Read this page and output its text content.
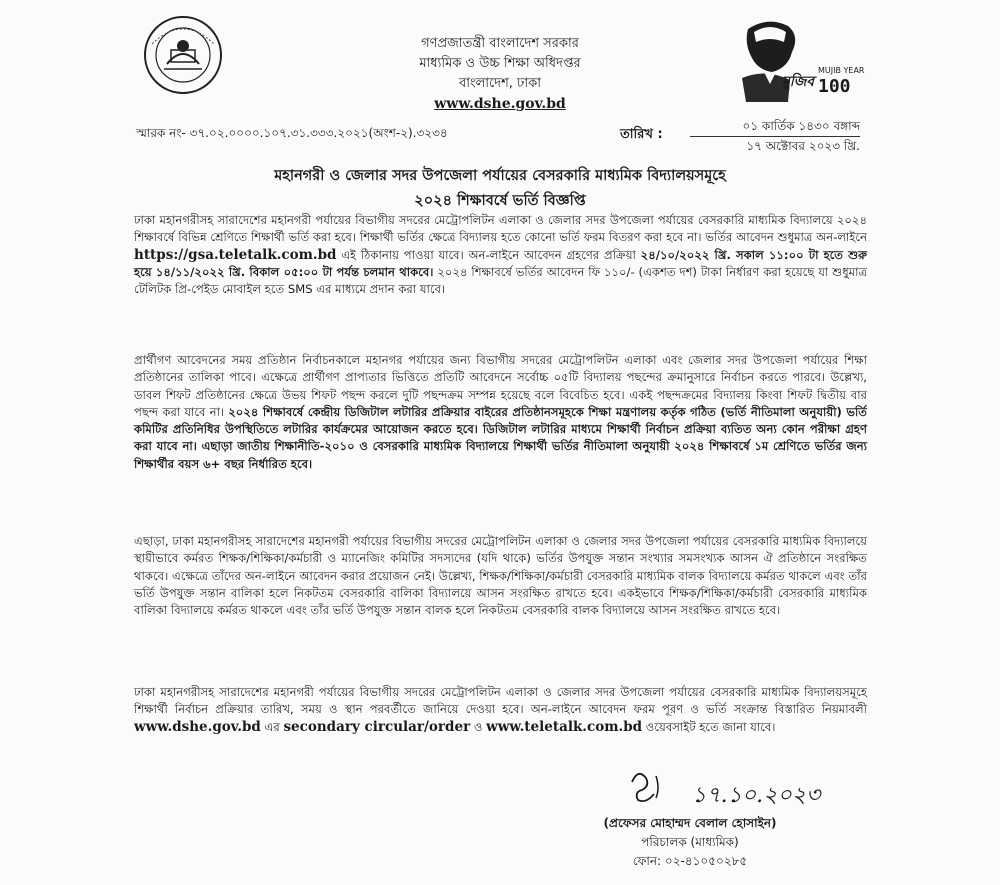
গণপ্রজাতন্ত্রী বাংলাদেশ সরকার
মাধ্যমিক ও উচ্চ শিক্ষা অধিদপ্তর
বাংলাদেশ, ঢাকা
www.dshe.gov.bd
মুজিব
MUJIB YEAR
100
স্মারক নং- ৩৭.০২.০০০০.১০৭.৩১.৩৩৩.২০২১(অংশ-২).৩২৩৪	তারিখ :
০১ কার্তিক ১৪৩০ বঙ্গাব্দ
১৭ অক্টোবর ২০২৩ খ্রি.
মহানগরী ও জেলার সদর উপজেলা পর্যায়ের বেসরকারি মাধ্যমিক বিদ্যালয়সমূহে
২০২৪ শিক্ষাবর্ষে ভর্তি বিজ্ঞপ্তি
ঢাকা মহানগরীসহ সারাদেশের মহানগরী পর্যায়ের বিভাগীয় সদরের মেট্রোপলিটন এলাকা ও জেলার সদর উপজেলা পর্যায়ের বেসরকারি মাধ্যমিক বিদ্যালয়ে ২০২৪ শিক্ষাবর্ষে বিভিন্ন শ্রেণিতে শিক্ষার্থী ভর্তি করা হবে। শিক্ষার্থী ভর্তির ক্ষেত্রে বিদ্যালয় হতে কোনো ভর্তি ফরম বিতরণ করা হবে না। ভর্তির আবেদন শুধুমাত্র অন-লাইনে https://gsa.teletalk.com.bd এই ঠিকানায় পাওয়া যাবে। অন-লাইনে আবেদন গ্রহণের প্রক্রিয়া ২৪/১০/২০২২ খ্রি. সকাল ১১:০০ টা হতে শুরু হয়ে ১৪/১১/২০২২ খ্রি. বিকাল ০৫:০০ টা পর্যন্ত চলমান থাকবে। ২০২৪ শিক্ষাবর্ষে ভর্তির আবেদন ফি ১১০/- (একশত দশ) টাকা নির্ধারণ করা হয়েছে যা শুধুমাত্র টেলিটক প্রি-পেইড মোবাইল হতে SMS এর মাধ্যমে প্রদান করা যাবে।
প্রার্থীগণ আবেদনের সময় প্রতিষ্ঠান নির্বাচনকালে মহানগর পর্যায়ের জন্য বিভাগীয় সদরের মেট্রোপলিটন এলাকা এবং জেলার সদর উপজেলা পর্যায়ের শিক্ষা প্রতিষ্ঠানের তালিকা পাবে। এক্ষেত্রে প্রার্থীগণ প্রাপ্যতার ভিত্তিতে প্রতিটি আবেদনে সর্বোচ্চ ০৫টি বিদ্যালয় পছন্দের ক্রমানুসারে নির্বাচন করতে পারবে। উল্লেখ্য, ডাবল শিফট প্রতিষ্ঠানের ক্ষেত্রে উভয় শিফট পছন্দ করলে দুটি পছন্দক্রম সম্পন্ন হয়েছে বলে বিবেচিত হবে। একই পছন্দক্রমের বিদ্যালয় কিংবা শিফট দ্বিতীয় বার পছন্দ করা যাবে না। ২০২৪ শিক্ষাবর্ষে কেন্দ্রীয় ডিজিটাল লটারির প্রক্রিয়ার বাইরের প্রতিষ্ঠানসমূহকে শিক্ষা মন্ত্রণালয় কর্তৃক গঠিত (ভর্তি নীতিমালা অনুযায়ী) ভর্তি কমিটির প্রতিনিধির উপস্থিতিতে লটারির কার্যক্রমের আয়োজন করতে হবে। ডিজিটাল লটারির মাধ্যমে শিক্ষার্থী নির্বাচন প্রক্রিয়া ব্যতিত অন্য কোন পরীক্ষা গ্রহণ করা যাবে না। এছাড়া জাতীয় শিক্ষানীতি-২০১০ ও বেসরকারি মাধ্যমিক বিদ্যালয়ে শিক্ষার্থী ভর্তির নীতিমালা অনুযায়ী ২০২৪ শিক্ষাবর্ষে ১ম শ্রেণিতে ভর্তির জন্য শিক্ষার্থীর বয়স ৬+ বছর নির্ধারিত হবে।
এছাড়া, ঢাকা মহানগরীসহ সারাদেশের মহানগরী পর্যায়ের বিভাগীয় সদরের মেট্রোপলিটন এলাকা ও জেলার সদর উপজেলা পর্যায়ের বেসরকারি মাধ্যমিক বিদ্যালয়ে স্থায়ীভাবে কর্মরত শিক্ষক/শিক্ষিকা/কর্মচারী ও ম্যানেজিং কমিটির সদস্যদের (যদি থাকে) ভর্তির উপযুক্ত সন্তান সংখ্যার সমসংখ্যক আসন ঐ প্রতিষ্ঠানে সংরক্ষিত থাকবে। এক্ষেত্রে তাঁদের অন-লাইনে আবেদন করার প্রয়োজন নেই। উল্লেখ্য, শিক্ষক/শিক্ষিকা/কর্মচারী বেসরকারি মাধ্যমিক বালক বিদ্যালয়ে কর্মরত থাকলে এবং তাঁর ভর্তি উপযুক্ত সন্তান বালিকা হলে নিকটতম বেসরকারি বালিকা বিদ্যালয়ে আসন সংরক্ষিত রাখতে হবে। একইভাবে শিক্ষক/শিক্ষিকা/কর্মচারী বেসরকারি মাধ্যমিক বালিকা বিদ্যালয়ে কর্মরত থাকলে এবং তাঁর ভর্তি উপযুক্ত সন্তান বালক হলে নিকটতম বেসরকারি বালক বিদ্যালয়ে আসন সংরক্ষিত রাখতে হবে।
ঢাকা মহানগরীসহ সারাদেশের মহানগরী পর্যায়ের বিভাগীয় সদরের মেট্রোপলিটন এলাকা ও জেলার সদর উপজেলা পর্যায়ের বেসরকারি মাধ্যমিক বিদ্যালয়সমূহে শিক্ষার্থী নির্বাচন প্রক্রিয়ার তারিখ, সময় ও স্থান পরবর্তীতে জানিয়ে দেওয়া হবে। অন-লাইনে আবেদন ফরম পূরণ ও ভর্তি সংক্রান্ত বিস্তারিত নিয়মাবলী www.dshe.gov.bd এর secondary circular/order ও www.teletalk.com.bd ওয়েবসাইট হতে জানা যাবে।
১৭.১০.২০২৩
(প্রফেসর মোহাম্মদ বেলাল হোসাইন)
পরিচালক (মাধ্যমিক)
ফোন: ০২-৪১০৫০২৮৫
